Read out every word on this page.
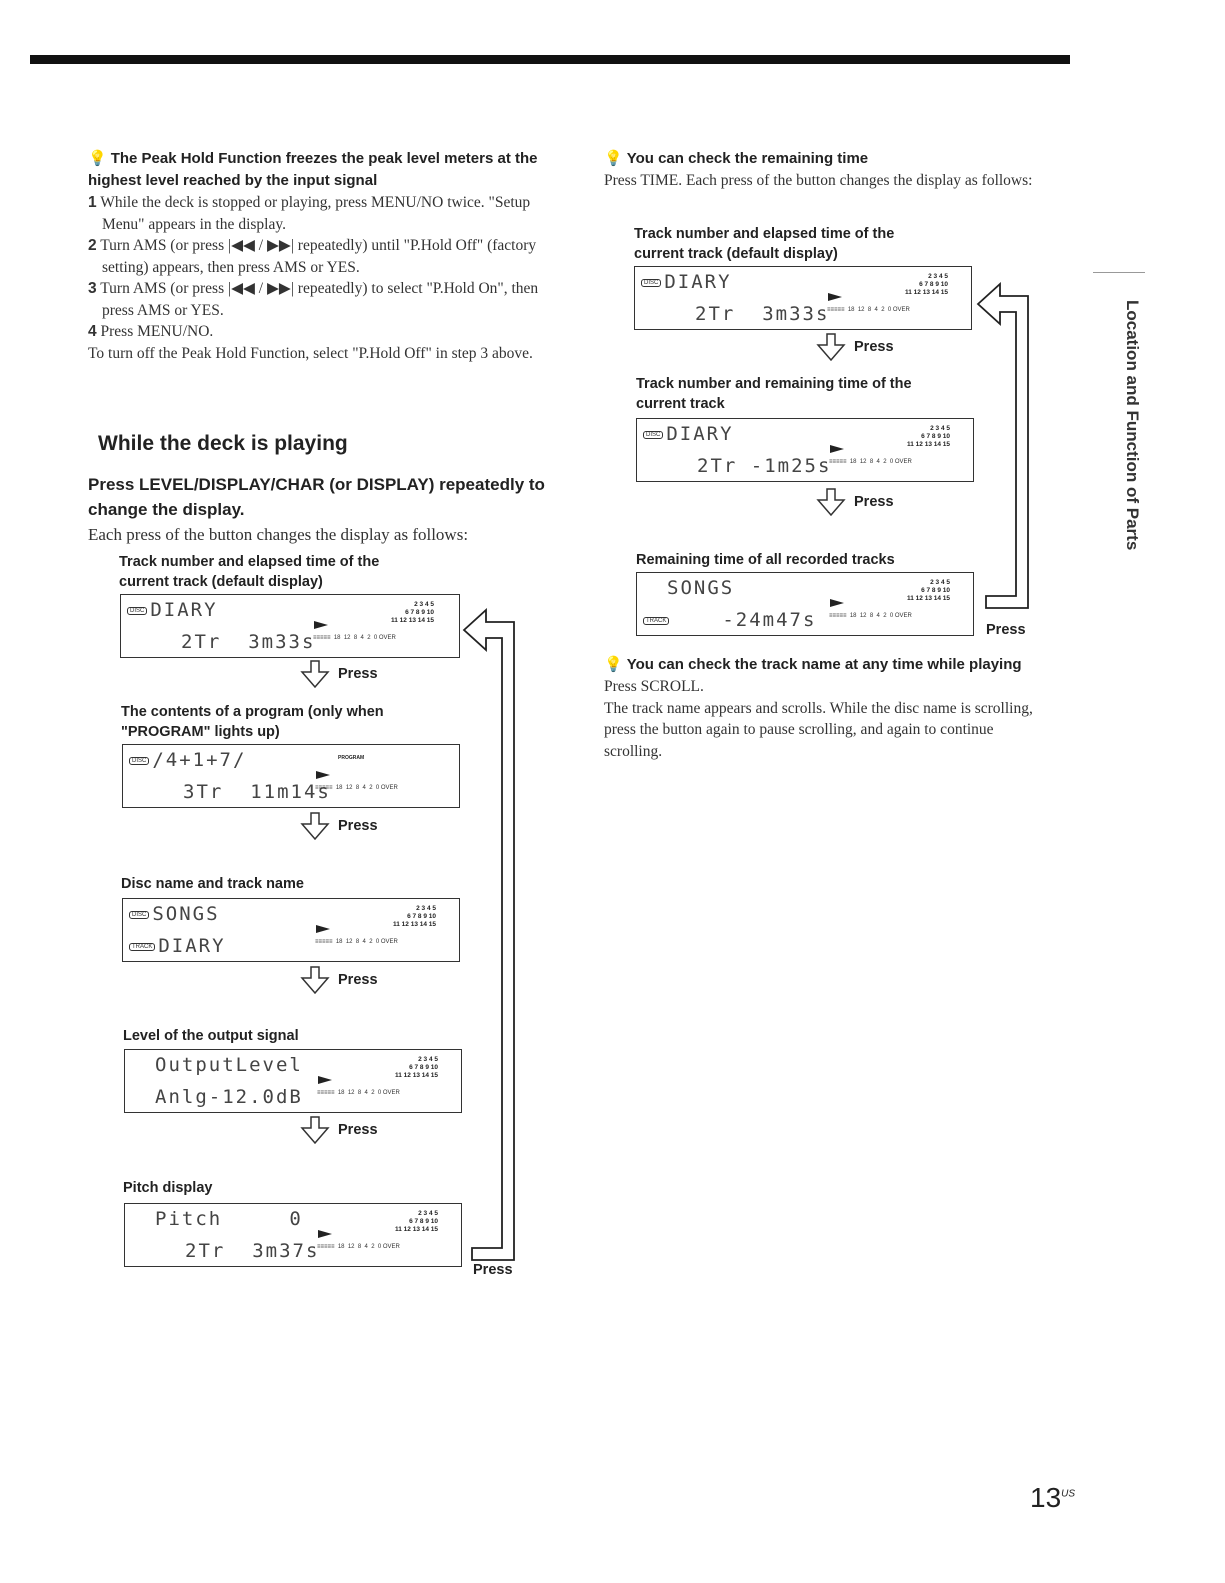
💡 The Peak Hold Function freezes the peak level meters at the highest level reached by the input signal

1 While the deck is stopped or playing, press MENU/NO twice. "Setup Menu" appears in the display.
2 Turn AMS (or press |◀◀ / ▶▶| repeatedly) until "P.Hold Off" (factory setting) appears, then press AMS or YES.
3 Turn AMS (or press |◀◀ / ▶▶| repeatedly) to select "P.Hold On", then press AMS or YES.
4 Press MENU/NO.

To turn off the Peak Hold Function, select "P.Hold Off" in step 3 above.

While the deck is playing

Press LEVEL/DISPLAY/CHAR (or DISPLAY) repeatedly to change the display.

Each press of the button changes the display as follows:

Track number and elapsed time of the current track (default display)
DISC DIARY
2Tr  3m33s
2 3 4 5
6 7 8 9 10
11 12 13 14 15
≡≡≡≡≡  18  12  8  4  2  0 OVER
Press
The contents of a program (only when "PROGRAM" lights up)
DISC /4+1+7/
3Tr  11m14s
PROGRAM
≡≡≡≡≡  18  12  8  4  2  0 OVER
Press
Disc name and track name
DISC SONGS
TRACK DIARY
2 3 4 5
6 7 8 9 10
11 12 13 14 15
≡≡≡≡≡  18  12  8  4  2  0 OVER
Press
Level of the output signal
OutputLevel
Anlg-12.0dB
2 3 4 5
6 7 8 9 10
11 12 13 14 15
≡≡≡≡≡  18  12  8  4  2  0 OVER
Press
Pitch display
Pitch     0
2Tr  3m37s
2 3 4 5
6 7 8 9 10
11 12 13 14 15
≡≡≡≡≡  18  12  8  4  2  0 OVER
Press

💡 You can check the remaining time

Press TIME. Each press of the button changes the display as follows:

Track number and elapsed time of the current track (default display)
DISC DIARY
2Tr  3m33s
2 3 4 5
6 7 8 9 10
11 12 13 14 15
≡≡≡≡≡  18  12  8  4  2  0 OVER
Press
Track number and remaining time of the current track
DISC DIARY
2Tr -1m25s
2 3 4 5
6 7 8 9 10
11 12 13 14 15
≡≡≡≡≡  18  12  8  4  2  0 OVER
Press
Remaining time of all recorded tracks
SONGS
TRACK	-24m47s
2 3 4 5
6 7 8 9 10
11 12 13 14 15
≡≡≡≡≡  18  12  8  4  2  0 OVER
Press

💡 You can check the track name at any time while playing

Press SCROLL.

The track name appears and scrolls. While the disc name is scrolling, press the button again to pause scrolling, and again to continue scrolling.

Location and Function of Parts
$13^{US}$
